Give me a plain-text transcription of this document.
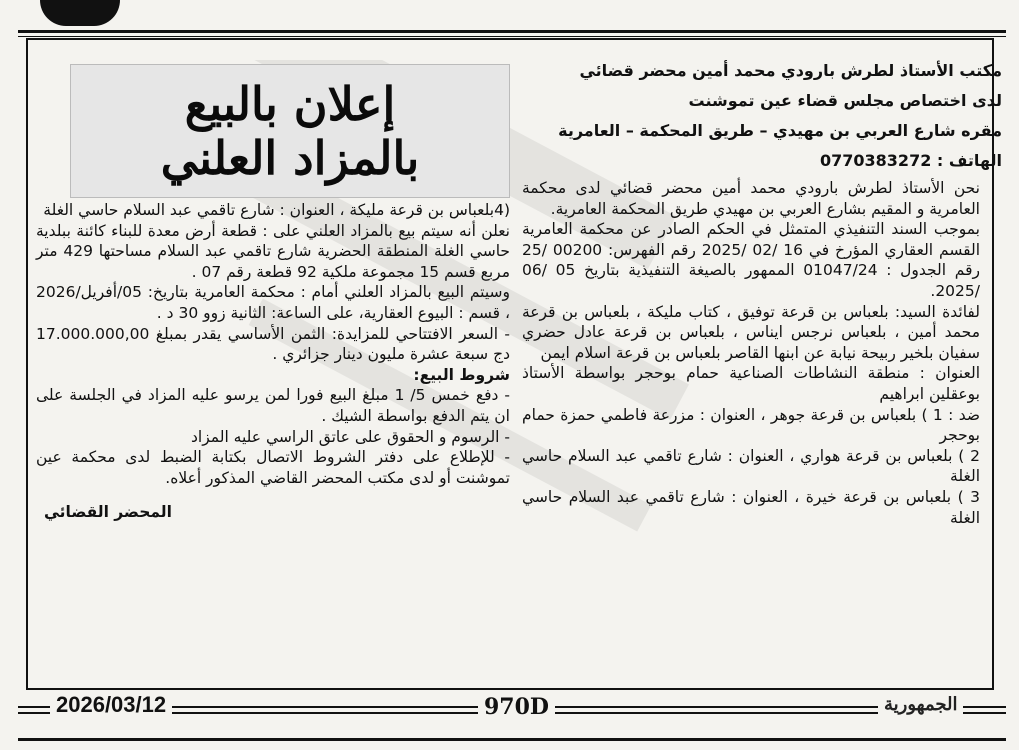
إعلان بالبيع
بالمزاد العلني

مكتب الأستاذ لطرش بارودي محمد أمين محضر قضائي

لدى اختصاص مجلس قضاء عين تموشنت

مقره شارع العربي بن مهيدي – طريق المحكمة – العامرية

الهاتف : 0770383272

نحن الأستاذ لطرش بارودي محمد أمين محضر قضائي لدى محكمة العامرية و المقيم بشارع العربي بن مهيدي طريق المحكمة العامرية.

بموجب السند التنفيذي المتمثل في الحكم الصادر عن محكمة العامرية القسم العقاري المؤرخ في 16 /02 /2025 رقم الفهرس: 00200 /25 رقم الجدول : 01047/24 الممهور بالصيغة التنفيذية بتاريخ 05 /06 /2025.

لفائدة السيد: بلعباس بن قرعة توفيق ، كتاب مليكة ، بلعباس بن قرعة محمد أمين ، بلعباس نرجس ايناس ، بلعباس بن قرعة عادل حضري سفيان بلخير ربيحة نيابة عن ابنها القاصر بلعباس بن قرعة اسلام ايمن

العنوان : منطقة النشاطات الصناعية حمام بوحجر بواسطة الأستاذ بوعقلين ابراهيم

ضد : 1 ) بلعباس بن قرعة جوهر ، العنوان : مزرعة فاطمي حمزة حمام بوحجر

2 ) بلعباس بن قرعة هواري ، العنوان : شارع تاقمي عبد السلام حاسي الغلة

3 ) بلعباس بن قرعة خيرة ، العنوان : شارع تاقمي عبد السلام حاسي الغلة

(4بلعباس بن قرعة مليكة ، العنوان : شارع تاقمي عبد السلام حاسي الغلة

نعلن أنه سيتم بيع بالمزاد العلني على : قطعة أرض معدة للبناء كائنة ببلدية حاسي الغلة المنطقة الحضرية شارع تاقمي عبد السلام مساحتها 429 متر مربع قسم 15 مجموعة ملكية 92 قطعة رقم 07 .

وسيتم البيع بالمزاد العلني أمام : محكمة العامرية بتاريخ: 05/أفريل/2026 ، قسم : البيوع العقارية، على الساعة: الثانية زوو 30 د .

- السعر الافتتاحي للمزايدة: الثمن الأساسي يقدر بمبلغ 17.000.000,00 دج سبعة عشرة مليون دينار جزائري .

شروط البيع:

- دفع خمس 5/ 1 مبلغ البيع فورا لمن يرسو عليه المزاد في الجلسة على ان يتم الدفع بواسطة الشيك .

- الرسوم و الحقوق على عاتق الراسي عليه المزاد

- للإطلاع على دفتر الشروط الاتصال بكتابة الضبط لدى محكمة عين تموشنت أو لدى مكتب المحضر القاضي المذكور أعلاه.

المحضر القضائي

2026/03/12	970D	الجمهورية
